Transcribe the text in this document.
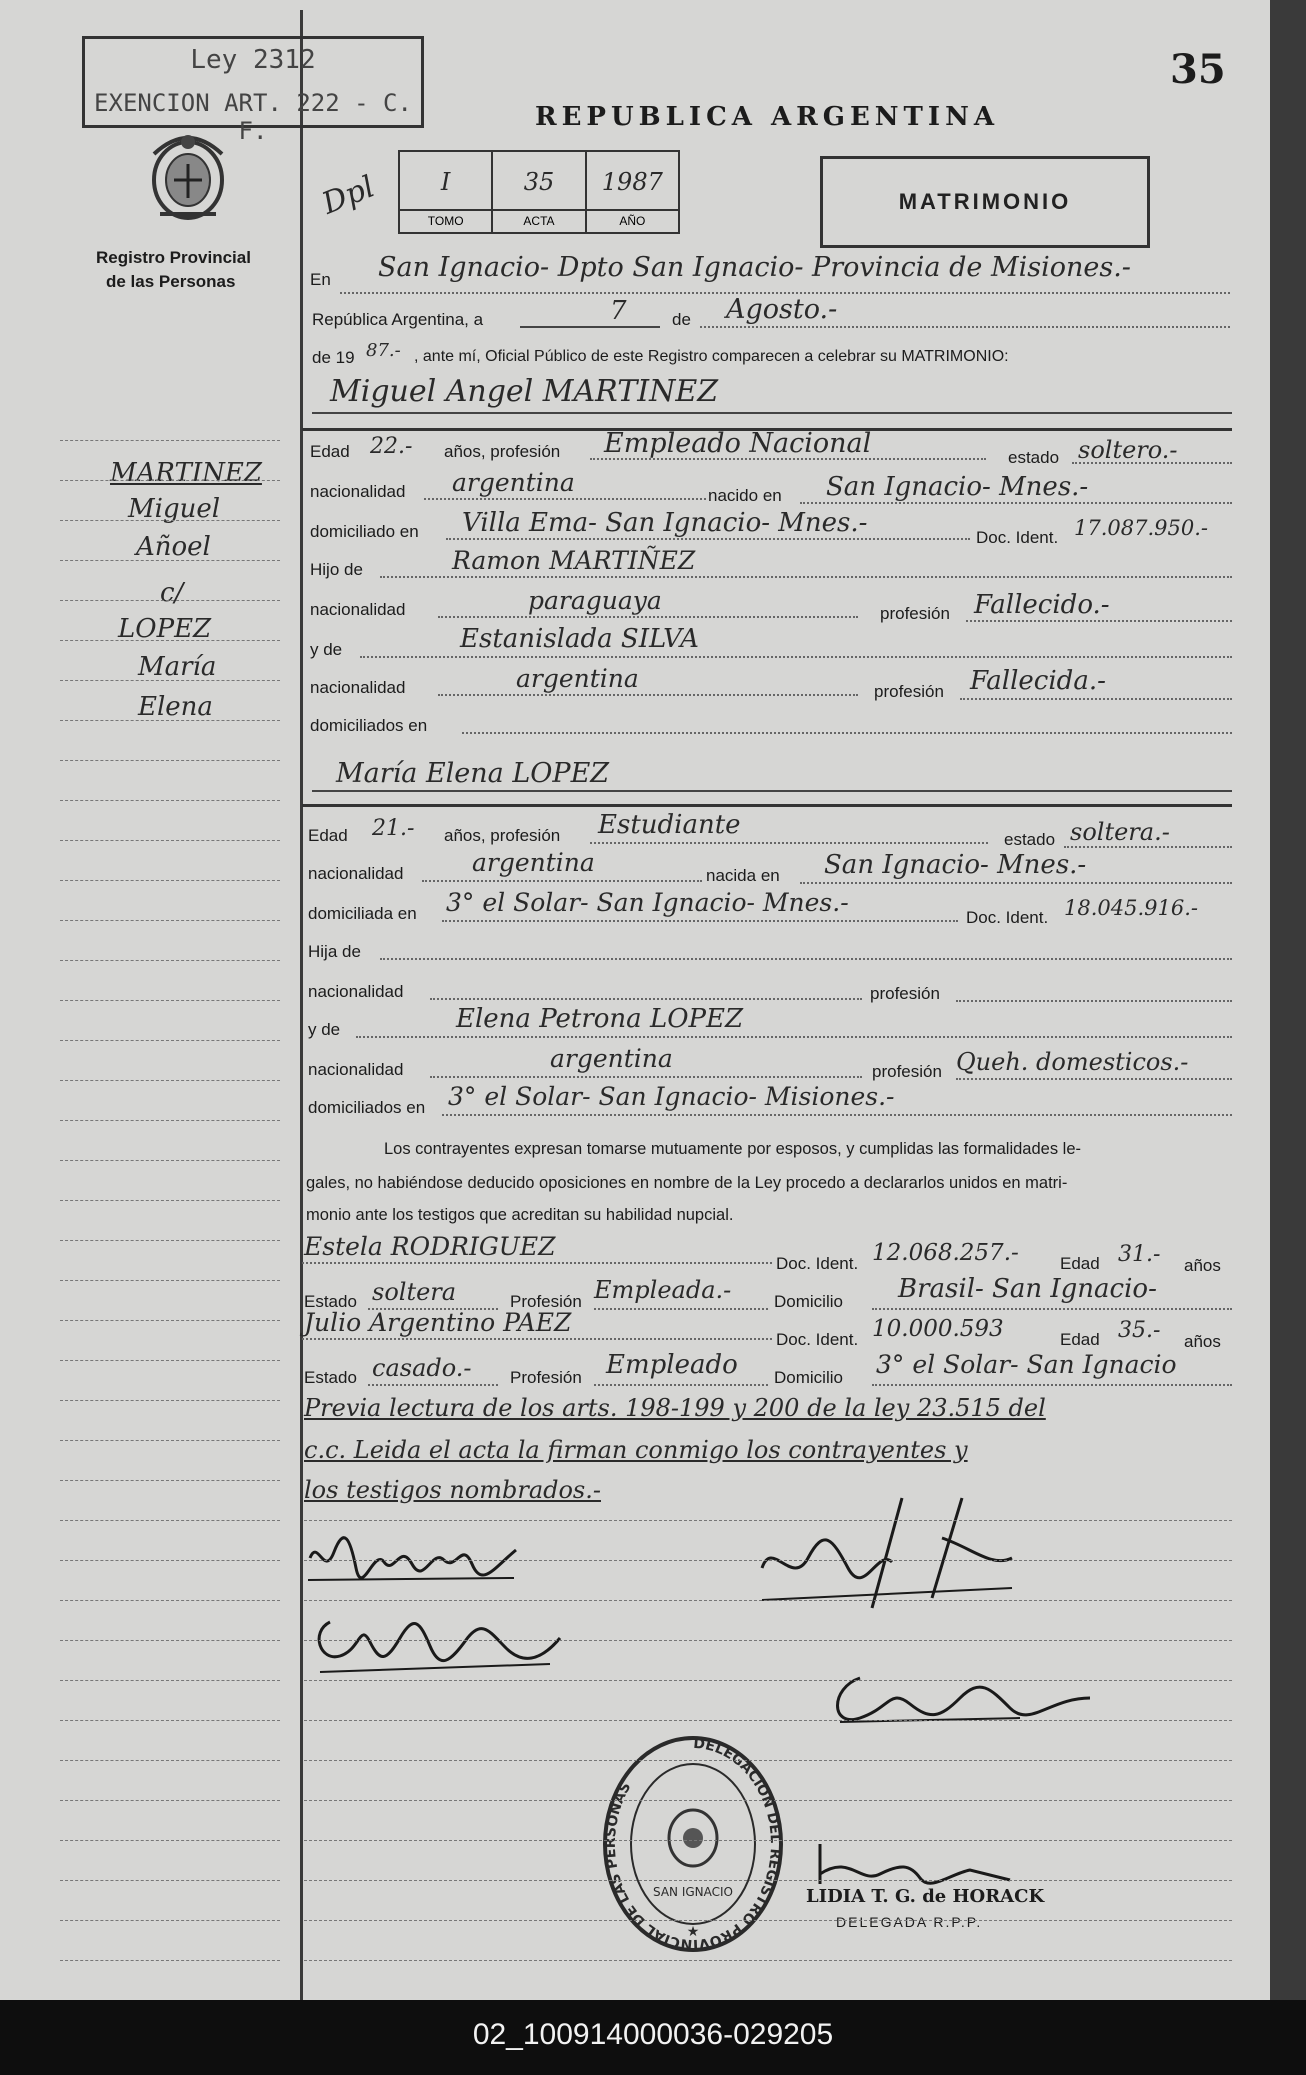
Ley 2312
EXENCION ART. 222 - C. F.
35
REPUBLICA ARGENTINA
Registro Provincial
de las Personas
Dpl	I
TOMO
35
ACTA
1987
AÑO
MATRIMONIO
En San Ignacio- Dpto San Ignacio- Provincia de Misiones.-
República Argentina, a	7	de Agosto.-
de 19 87.- , ante mí, Oficial Público de este Registro comparecen a celebrar su MATRIMONIO:
Miguel Angel MARTINEZ
Edad 22.- años, profesión Empleado Nacional	estado soltero.-
nacionalidad argentina	nacido en San Ignacio- Mnes.-
domiciliado en Villa Ema- San Ignacio- Mnes.-	Doc. Ident. 17.087.950.-
Hijo de	Ramon MARTIÑEZ
nacionalidad	paraguaya	profesión Fallecido.-
y de	Estanislada SILVA
nacionalidad	argentina	profesión Fallecida.-
domiciliados en
María Elena LOPEZ
Edad 21.- años, profesión Estudiante	estado soltera.-
nacionalidad	argentina	nacida en San Ignacio- Mnes.-
domiciliada en 3° el Solar- San Ignacio- Mnes.-
Doc. Ident. 18.045.916.-
Hija de
nacionalidad	profesión
y de	Elena Petrona LOPEZ
nacionalidad	argentina	profesión Queh. domesticos.-
domiciliados en 3° el Solar- San Ignacio- Misiones.-
Los contrayentes expresan tomarse mutuamente por esposos, y cumplidas las formalidades le-
gales, no habiéndose deducido oposiciones en nombre de la Ley procedo a declararlos unidos en matri-
monio ante los testigos que acreditan su habilidad nupcial.
Estela RODRIGUEZ
Doc. Ident. 12.068.257.- Edad 31.- años
Estado soltera	Profesión Empleada.-	Domicilio Brasil- San Ignacio-
Julio Argentino PAEZ
Doc. Ident. 10.000.593	Edad 35.- años
Estado casado.- Profesión Empleado Domicilio 3° el Solar- San Ignacio
Previa lectura de los arts. 198-199 y 200 de la ley 23.515 del
c.c. Leida el acta la firman conmigo los contrayentes y
los testigos nombrados.-
DELEGACION DEL REGISTRO PROVINCIAL DE LAS PERSONAS
SAN IGNACIO
★
LIDIA T. G. de HORACK
DELEGADA R.P.P.
MARTINEZ
Miguel
Añoel
c/
LOPEZ
María
Elena
02_100914000036-029205
